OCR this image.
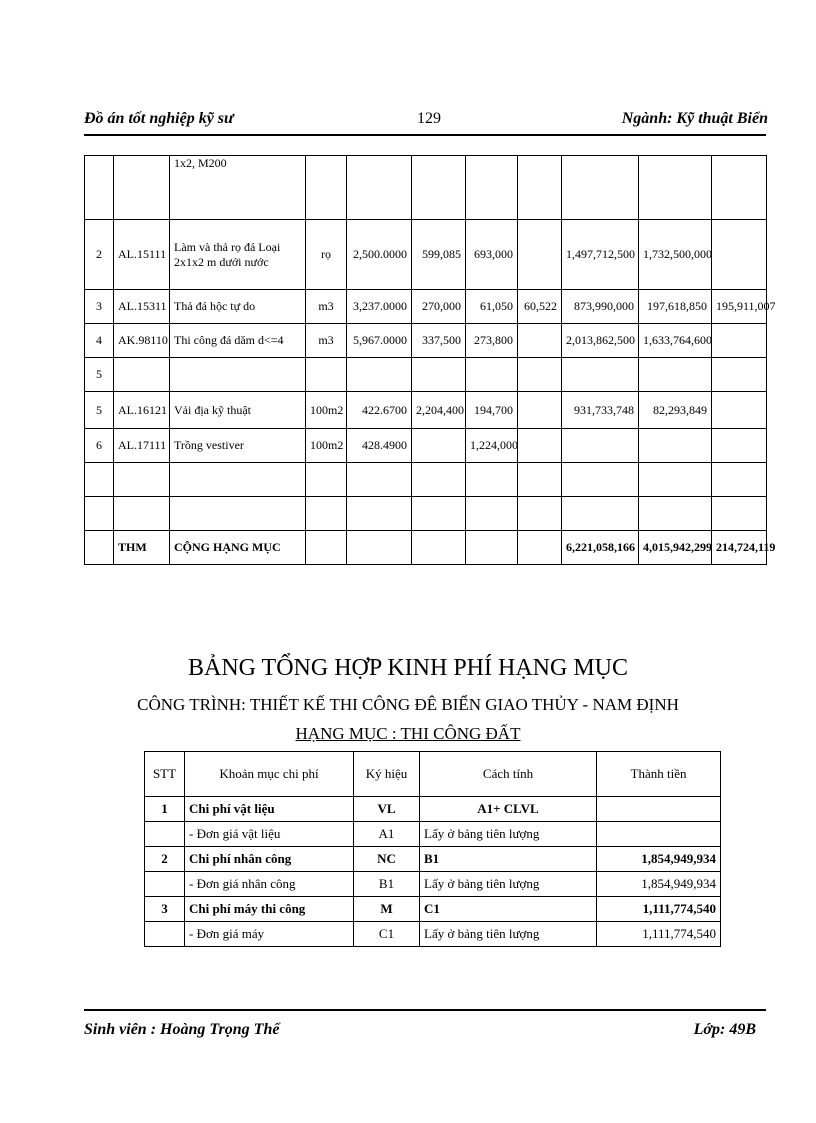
Đồ án tốt nghiệp kỹ sư	129	Ngành: Kỹ thuật Biển
		1x2, M200								
2	AL.15111	Làm và thả rọ đá Loại 2x1x2 m dưới nước	rọ	2,500.0000	599,085	693,000		1,497,712,500	1,732,500,000	
3	AL.15311	Thả đá hộc tự do	m3	3,237.0000	270,000	61,050	60,522	873,990,000	197,618,850	195,911,007
4	AK.98110	Thi công đá dăm d<=4	m3	5,967.0000	337,500	273,800		2,013,862,500	1,633,764,600	
5										
5	AL.16121	Vải địa kỹ thuật	100m2	422.6700	2,204,400	194,700		931,733,748	82,293,849	
6	AL.17111	Trồng vestiver	100m2	428.4900		1,224,000				

	THM	CỘNG HẠNG MỤC						6,221,058,166	4,015,942,299	214,724,119
BẢNG TỔNG HỢP KINH PHÍ HẠNG MỤC
CÔNG TRÌNH: THIẾT KẾ THI CÔNG ĐÊ BIỂN GIAO THỦY - NAM ĐỊNH
HẠNG MỤC : THI CÔNG ĐẤT
STT	Khoản mục chi phí	Ký hiệu	Cách tính	Thành tiền
1	Chi phí vật liệu	VL	A1+ CLVL	
	- Đơn giá vật liệu	A1	Lấy ở bảng tiên lượng	
2	Chi phí nhân công	NC	B1	1,854,949,934
	- Đơn giá nhân công	B1	Lấy ở bảng tiên lượng	1,854,949,934
3	Chi phí máy thi công	M	C1	1,111,774,540
	- Đơn giá máy	C1	Lấy ở bảng tiên lượng	1,111,774,540
Sinh viên : Hoàng Trọng Thể	Lớp: 49B
